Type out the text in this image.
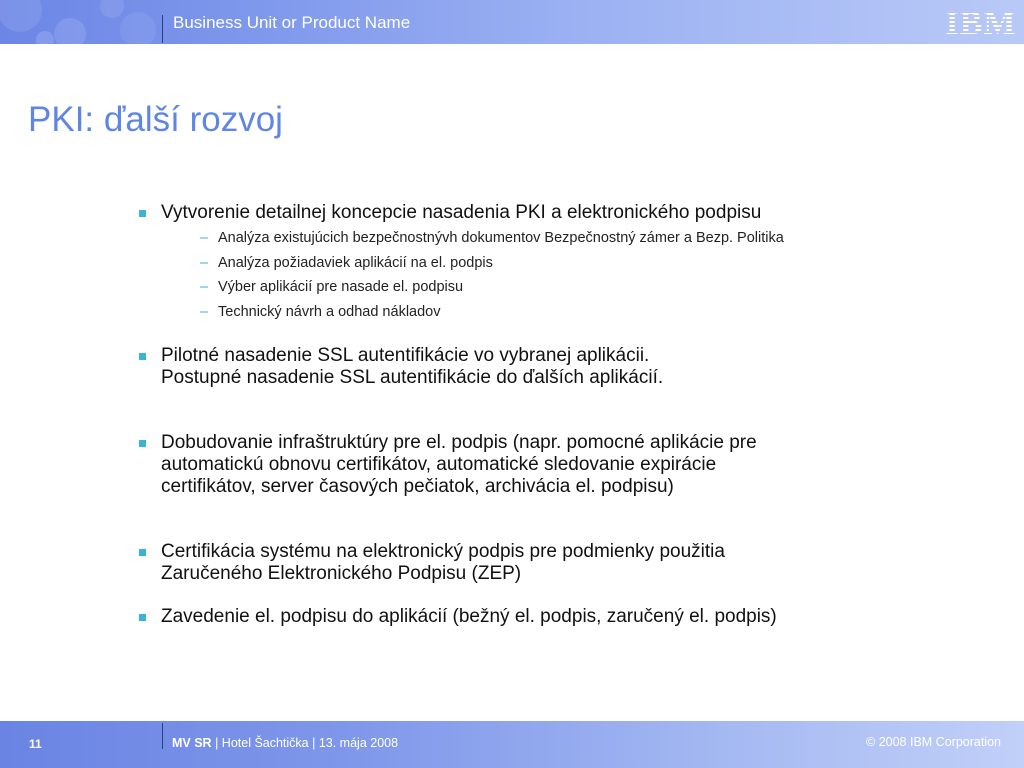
Business Unit or Product Name	IBM
PKI: ďalší rozvoj
Vytvorenie detailnej koncepcie nasadenia PKI a elektronického podpisu
– Analýza existujúcich bezpečnostnývh dokumentov Bezpečnostný zámer a Bezp. Politika
– Analýza požiadaviek aplikácií na el. podpis
– Výber aplikácií pre nasade el. podpisu
– Technický návrh a odhad nákladov
Pilotné nasadenie SSL autentifikácie vo vybranej aplikácii.
Postupné nasadenie SSL autentifikácie do ďalších aplikácií.
Dobudovanie infraštruktúry pre el. podpis (napr. pomocné aplikácie pre
automatickú obnovu certifikátov, automatické sledovanie expirácie
certifikátov, server časových pečiatok, archivácia el. podpisu)
Certifikácia systému na elektronický podpis pre podmienky použitia
Zaručeného Elektronického Podpisu (ZEP)
Zavedenie el. podpisu do aplikácií (bežný el. podpis, zaručený el. podpis)
11	MV SR | Hotel Šachtička | 13. mája 2008	© 2008 IBM Corporation
